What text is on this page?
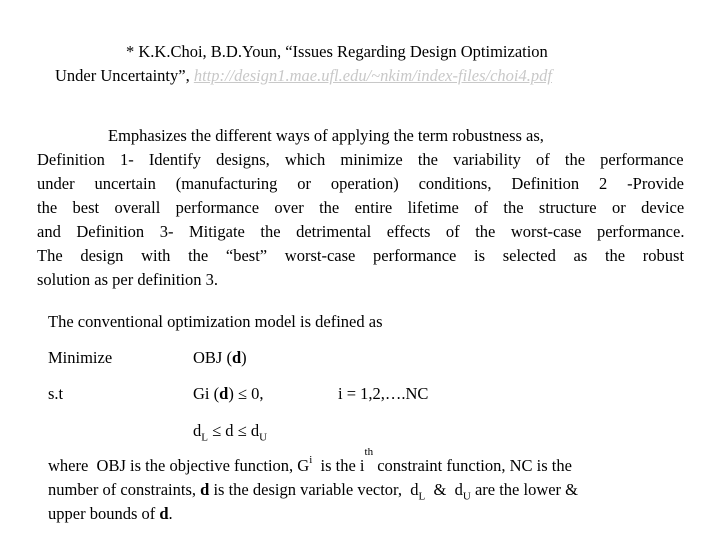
* K.K.Choi, B.D.Youn, “Issues Regarding Design Optimization
Under Uncertainty”, http://design1.mae.ufl.edu/~nkim/index-files/choi4.pdf
Emphasizes the different ways of applying the term robustness as,
Definition 1- Identify designs, which minimize the variability of the performance
under uncertain (manufacturing or operation) conditions, Definition 2 -Provide
the best overall performance over the entire lifetime of the structure or device
and Definition 3- Mitigate the detrimental effects of the worst-case performance.
The design with the “best” worst-case performance is selected as the robust
solution as per definition 3.
The conventional optimization model is defined as
Minimize	OBJ (d)
s.t	Gi (d) ≤ 0,	i = 1,2,….NC
$d_L \le d \le d_U$
where  OBJ is the objective function, $G_i$ is the i
$^{th}$
constraint function, NC is the
number of constraints, d is the design variable vector,  $d_L$  &  $d_U$ are the lower &
upper bounds of d.
